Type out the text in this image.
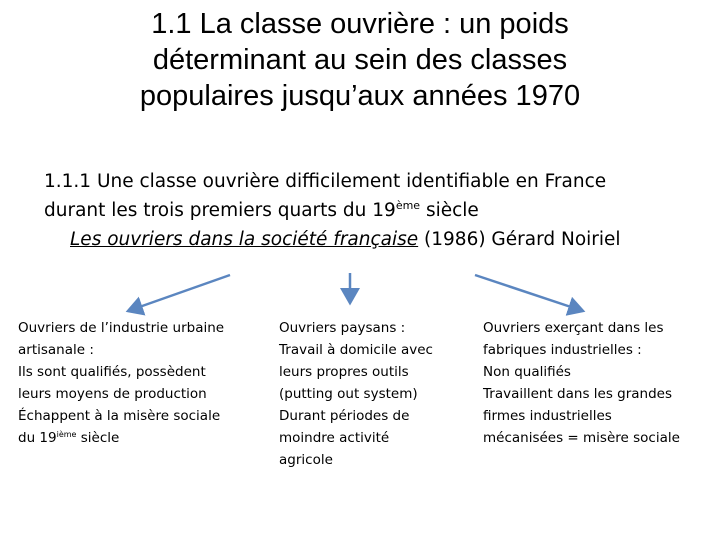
1.1 La classe ouvrière : un poids
déterminant au sein des classes
populaires jusqu’aux années 1970
1.1.1 Une classe ouvrière difficilement identifiable en France
durant les trois premiers quarts du 19ème siècle
Les ouvriers dans la société française (1986) Gérard Noiriel
Ouvriers de l’industrie urbaine
artisanale :
Ils sont qualifiés, possèdent
leurs moyens de production
Échappent à la misère sociale
du 19ième siècle
Ouvriers paysans :
Travail à domicile avec
leurs propres outils
(putting out system)
Durant périodes de
moindre activité
agricole
Ouvriers exerçant dans les
fabriques industrielles :
Non qualifiés
Travaillent dans les grandes
firmes industrielles
mécanisées = misère sociale
